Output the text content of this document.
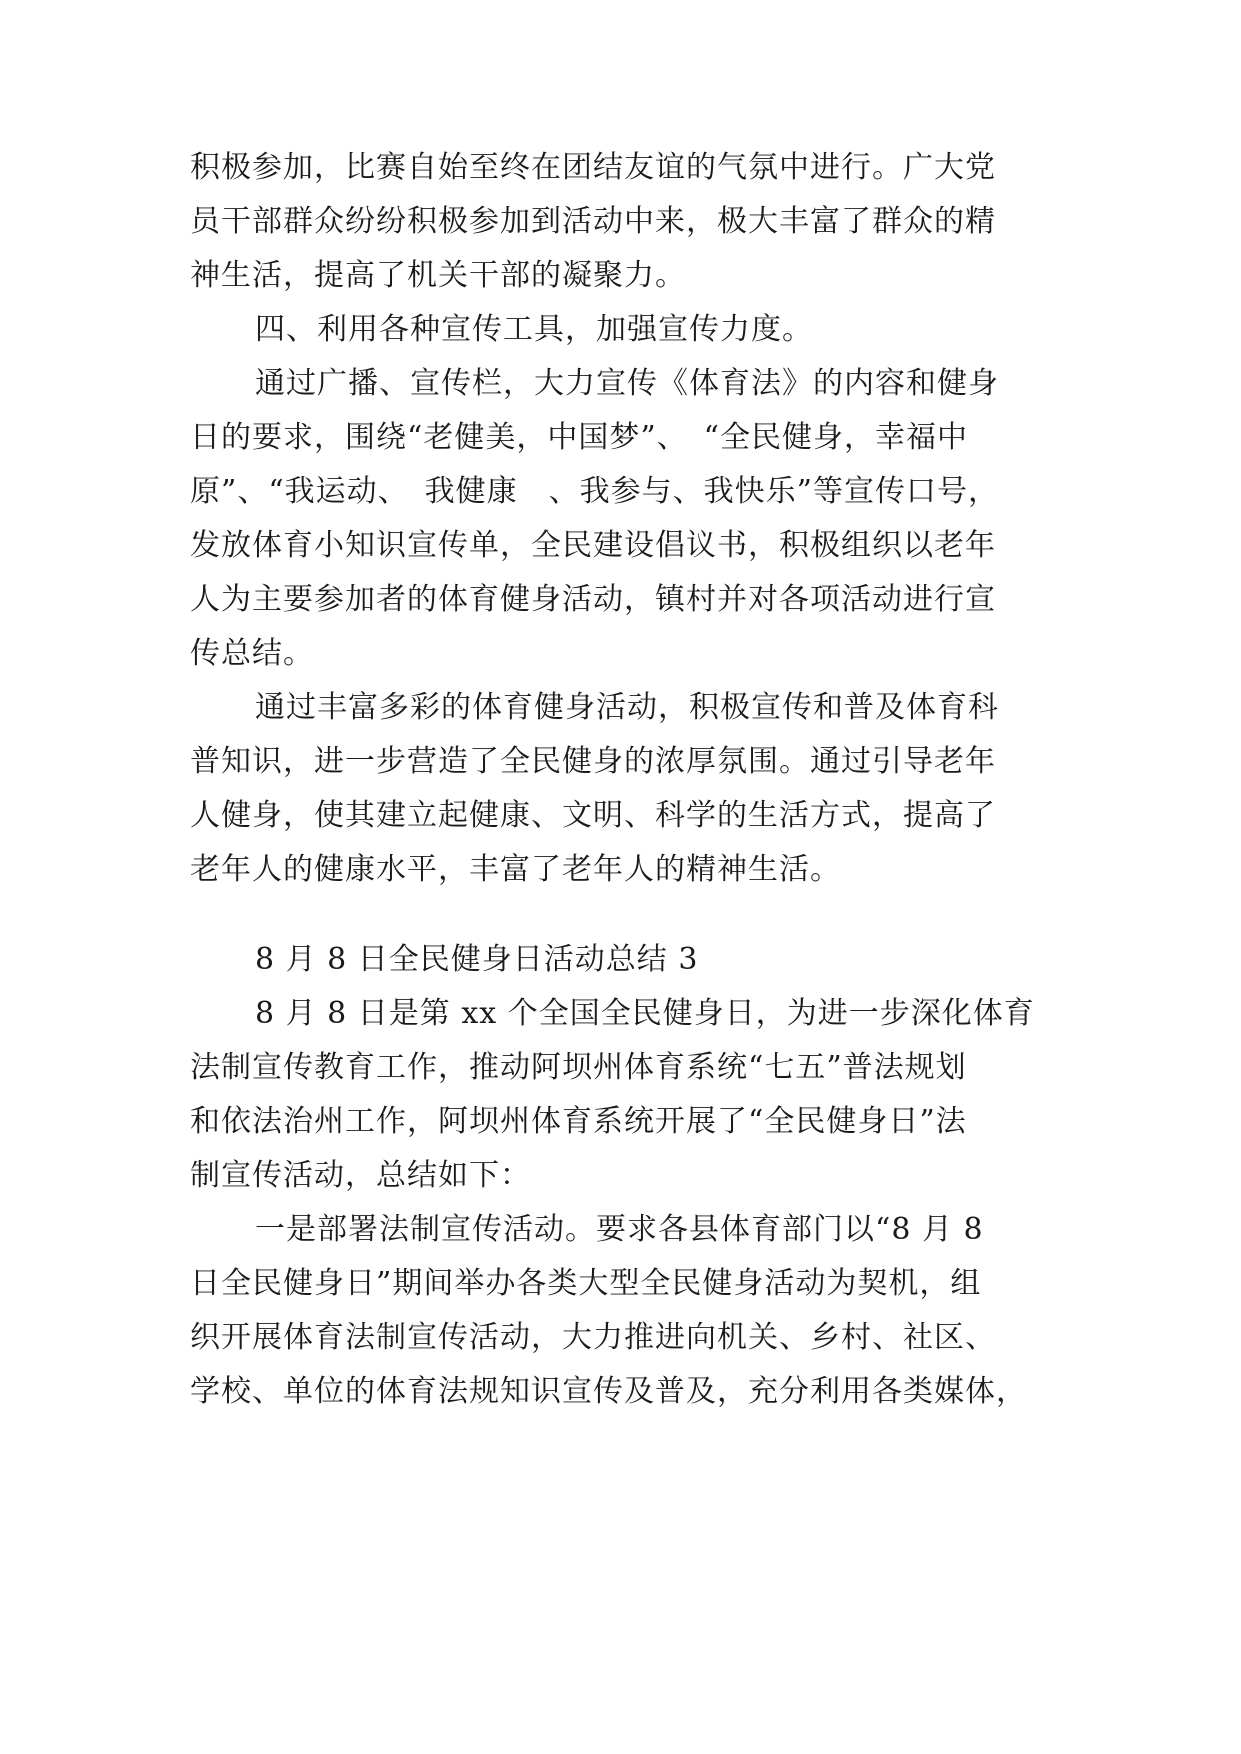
积极参加，比赛自始至终在团结友谊的气氛中进行。广大党
员干部群众纷纷积极参加到活动中来，极大丰富了群众的精
神生活，提高了机关干部的凝聚力。
四、利用各种宣传工具，加强宣传力度。
通过广播、宣传栏，大力宣传《体育法》的内容和健身
日的要求，围绕“老健美，中国梦”、　“全民健身，幸福中
原”、“我运动、　我健康　、我参与、我快乐”等宣传口号，
发放体育小知识宣传单，全民建设倡议书，积极组织以老年
人为主要参加者的体育健身活动，镇村并对各项活动进行宣
传总结。
通过丰富多彩的体育健身活动，积极宣传和普及体育科
普知识，进一步营造了全民健身的浓厚氛围。通过引导老年
人健身，使其建立起健康、文明、科学的生活方式，提高了
老年人的健康水平，丰富了老年人的精神生活。
8 月 8 日全民健身日活动总结 3
8 月 8 日是第 xx 个全国全民健身日，为进一步深化体育
法制宣传教育工作，推动阿坝州体育系统“七五”普法规划
和依法治州工作，阿坝州体育系统开展了“全民健身日”法
制宣传活动，总结如下：
一是部署法制宣传活动。要求各县体育部门以“8 月 8
日全民健身日”期间举办各类大型全民健身活动为契机，组
织开展体育法制宣传活动，大力推进向机关、乡村、社区、
学校、单位的体育法规知识宣传及普及，充分利用各类媒体，
